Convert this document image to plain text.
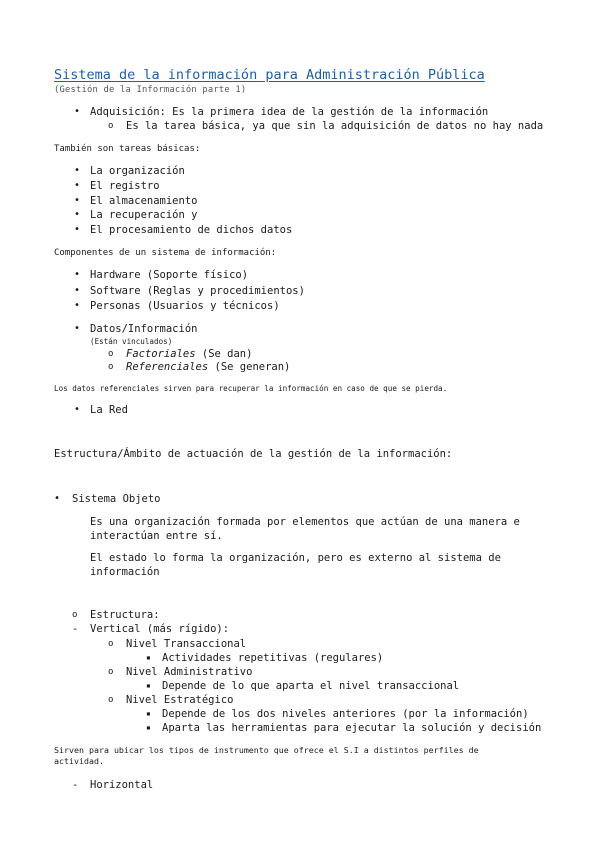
Sistema de la información para Administración Pública
(Gestión de la Información parte 1)
• Adquisición: Es la primera idea de la gestión de la información
o Es la tarea básica, ya que sin la adquisición de datos no hay nada
También son tareas básicas:
• La organización
• El registro
• El almacenamiento
• La recuperación y
• El procesamiento de dichos datos
Componentes de un sistema de información:
• Hardware (Soporte físico)
• Software (Reglas y procedimientos)
• Personas (Usuarios y técnicos)
• Datos/Información
(Están vinculados)
o Factoriales (Se dan)
o Referenciales (Se generan)
Los datos referenciales sirven para recuperar la información en caso de que se pierda.
• La Red
Estructura/Ámbito de actuación de la gestión de la información:
• Sistema Objeto
Es una organización formada por elementos que actúan de una manera e
interactúan entre sí.
El estado lo forma la organización, pero es externo al sistema de
información
o Estructura:
- Vertical (más rígido):
o Nivel Transaccional
▪ Actividades repetitivas (regulares)
o Nivel Administrativo
▪ Depende de lo que aparta el nivel transaccional
o Nivel Estratégico
▪ Depende de los dos niveles anteriores (por la información)
▪ Aparta las herramientas para ejecutar la solución y decisión
Sirven para ubicar los tipos de instrumento que ofrece el S.I a distintos perfiles de
actividad.
- Horizontal
